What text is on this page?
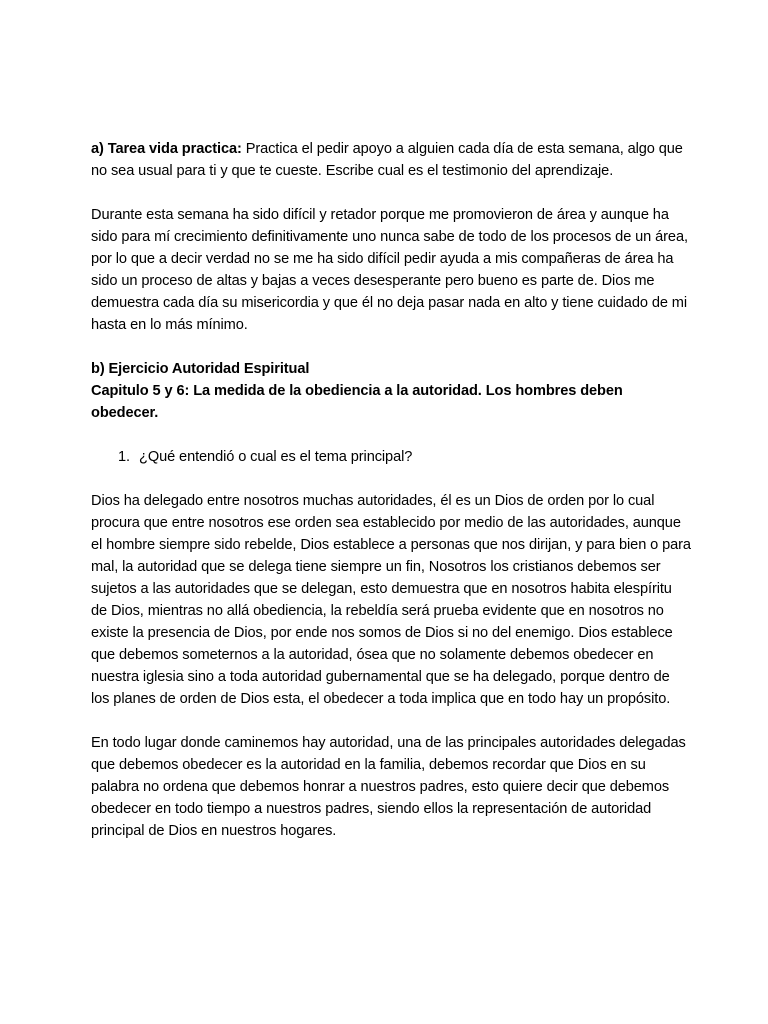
a) Tarea vida practica: Practica el pedir apoyo a alguien cada día de esta semana, algo que no sea usual para ti y que te cueste. Escribe cual es el testimonio del aprendizaje.

Durante esta semana ha sido difícil y retador porque me promovieron de área y aunque ha sido para mí crecimiento definitivamente uno nunca sabe de todo de los procesos de un área, por lo que a decir verdad no se me ha sido difícil pedir ayuda a mis compañeras de área ha sido un proceso de altas y bajas a veces desesperante pero bueno es parte de. Dios me demuestra cada día su misericordia y que él no deja pasar nada en alto y tiene cuidado de mi hasta en lo más mínimo.

b) Ejercicio Autoridad Espiritual

Capitulo 5 y 6: La medida de la obediencia a la autoridad. Los hombres deben obedecer.

1. ¿Qué entendió o cual es el tema principal?

Dios ha delegado entre nosotros muchas autoridades, él es un Dios de orden por lo cual procura que entre nosotros ese orden sea establecido por medio de las autoridades, aunque el hombre siempre sido rebelde, Dios establece a personas que nos dirijan, y para bien o para mal, la autoridad que se delega tiene siempre un fin, Nosotros los cristianos debemos ser sujetos a las autoridades que se delegan, esto demuestra que en nosotros habita elespíritu de Dios, mientras no allá obediencia, la rebeldía será prueba evidente que en nosotros no existe la presencia de Dios, por ende nos somos de Dios si no del enemigo. Dios establece que debemos someternos a la autoridad, ósea que no solamente debemos obedecer en nuestra iglesia sino a toda autoridad gubernamental que se ha delegado, porque dentro de los planes de orden de Dios esta, el obedecer a toda implica que en todo hay un propósito.

En todo lugar donde caminemos hay autoridad, una de las principales autoridades delegadas que debemos obedecer es la autoridad en la familia, debemos recordar que Dios en su palabra no ordena que debemos honrar a nuestros padres, esto quiere decir que debemos obedecer en todo tiempo a nuestros padres, siendo ellos la representación de autoridad principal de Dios en nuestros hogares.
